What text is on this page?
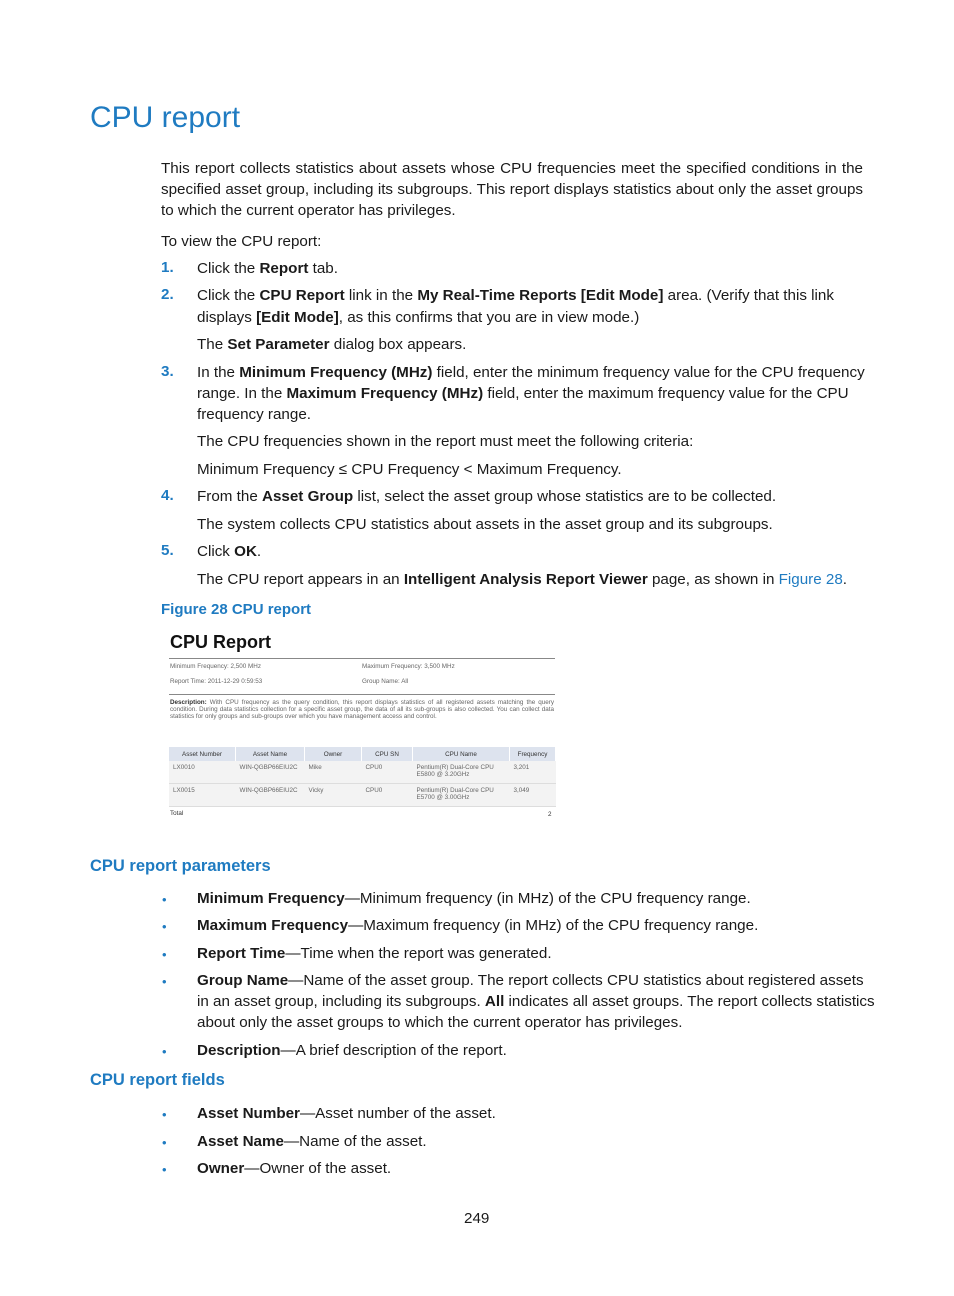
CPU report
This report collects statistics about assets whose CPU frequencies meet the specified conditions in the specified asset group, including its subgroups. This report displays statistics about only the asset groups to which the current operator has privileges.
To view the CPU report:
1. Click the Report tab.
2. Click the CPU Report link in the My Real-Time Reports [Edit Mode] area. (Verify that this link
displays [Edit Mode], as this confirms that you are in view mode.)
The Set Parameter dialog box appears.
3. In the Minimum Frequency (MHz) field, enter the minimum frequency value for the CPU frequency
range. In the Maximum Frequency (MHz) field, enter the maximum frequency value for the CPU
frequency range.
The CPU frequencies shown in the report must meet the following criteria:
Minimum Frequency ≤ CPU Frequency < Maximum Frequency.
4. From the Asset Group list, select the asset group whose statistics are to be collected.
The system collects CPU statistics about assets in the asset group and its subgroups.
5. Click OK.
The CPU report appears in an Intelligent Analysis Report Viewer page, as shown in Figure 28.
Figure 28 CPU report
CPU Report
Minimum Frequency: 2,500 MHz	Maximum Frequency: 3,500 MHz
Report Time: 2011-12-29 0:59:53	Group Name: All
Description: With CPU frequency as the query condition, this report displays statistics of all registered assets matching the query condition. During data statistics collection for a specific asset group, the data of all its sub-groups is also collected. You can collect data statistics for only groups and sub-groups over which you have management access and control.
Asset Number	Asset Name	Owner	CPU SN	CPU Name	Frequency
LX0010	WIN-QGBP66EIU2C	Mike	CPU0	Pentium(R) Dual-Core CPU E5800 @ 3.20GHz	3,201
LX0015	WIN-QGBP66EIU2C	Vicky	CPU0	Pentium(R) Dual-Core CPU E5700 @ 3.00GHz	3,049
Total	2
CPU report parameters
• Minimum Frequency—Minimum frequency (in MHz) of the CPU frequency range.
• Maximum Frequency—Maximum frequency (in MHz) of the CPU frequency range.
• Report Time—Time when the report was generated.
• Group Name—Name of the asset group. The report collects CPU statistics about registered assets
in an asset group, including its subgroups. All indicates all asset groups. The report collects statistics
about only the asset groups to which the current operator has privileges.
• Description—A brief description of the report.
CPU report fields
• Asset Number—Asset number of the asset.
• Asset Name—Name of the asset.
• Owner—Owner of the asset.
249
